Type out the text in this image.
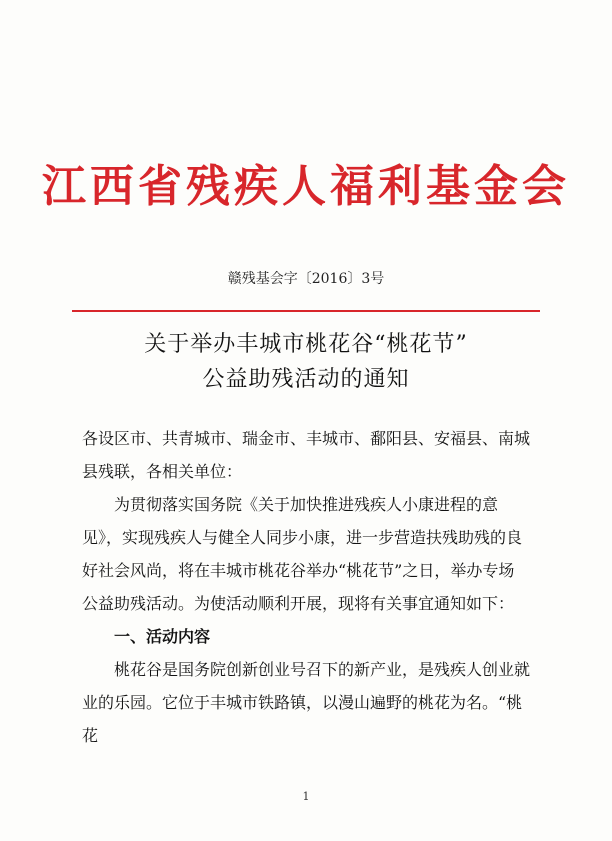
江西省残疾人福利基金会
赣残基会字〔2016〕3号
关于举办丰城市桃花谷“桃花节”
公益助残活动的通知

各设区市、共青城市、瑞金市、丰城市、鄱阳县、安福县、南城县残联，各相关单位：

为贯彻落实国务院《关于加快推进残疾人小康进程的意见》，实现残疾人与健全人同步小康，进一步营造扶残助残的良好社会风尚，将在丰城市桃花谷举办“桃花节”之日，举办专场公益助残活动。为使活动顺利开展，现将有关事宜通知如下：

一、活动内容

桃花谷是国务院创新创业号召下的新产业，是残疾人创业就业的乐园。它位于丰城市铁路镇，以漫山遍野的桃花为名。“桃花

1
